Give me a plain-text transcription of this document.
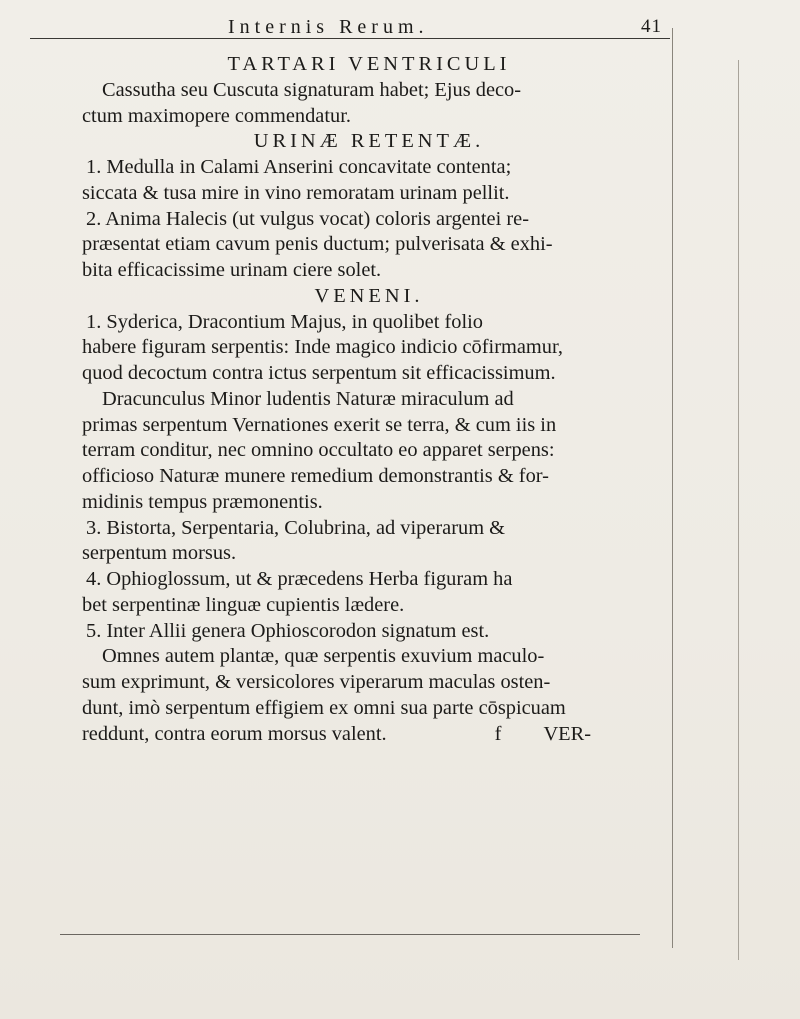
Internis Rerum.	41
TARTARI VENTRICULI
Cassutha seu Cuscuta signaturam habet; Ejus deco-
ctum maximopere commendatur.
URINÆ RETENTÆ.
1. Medulla in Calami Anserini concavitate contenta;
siccata & tusa mire in vino remoratam urinam pellit.
2. Anima Halecis (ut vulgus vocat) coloris argentei re-
præsentat etiam cavum penis ductum; pulverisata & exhi-
bita efficacissime urinam ciere solet.
VENENI.
1. Syderica, Dracontium Majus, in quolibet folio
habere figuram serpentis: Inde magico indicio cōfirmamur,
quod decoctum contra ictus serpentum sit efficacissimum.
Dracunculus Minor ludentis Naturæ miraculum ad
primas serpentum Vernationes exerit se terra, & cum iis in
terram conditur, nec omnino occultato eo apparet serpens:
officioso Naturæ munere remedium demonstrantis & for-
midinis tempus præmonentis.
3. Bistorta, Serpentaria, Colubrina, ad viperarum &
serpentum morsus.
4. Ophioglossum, ut & præcedens Herba figuram ha
bet serpentinæ linguæ cupientis lædere.
5. Inter Allii genera Ophioscorodon signatum est.
Omnes autem plantæ, quæ serpentis exuvium maculo-
sum exprimunt, & versicolores viperarum maculas osten-
dunt, imò serpentum effigiem ex omni sua parte cōspicuam
reddunt, contra eorum morsus valent.	f VER-
